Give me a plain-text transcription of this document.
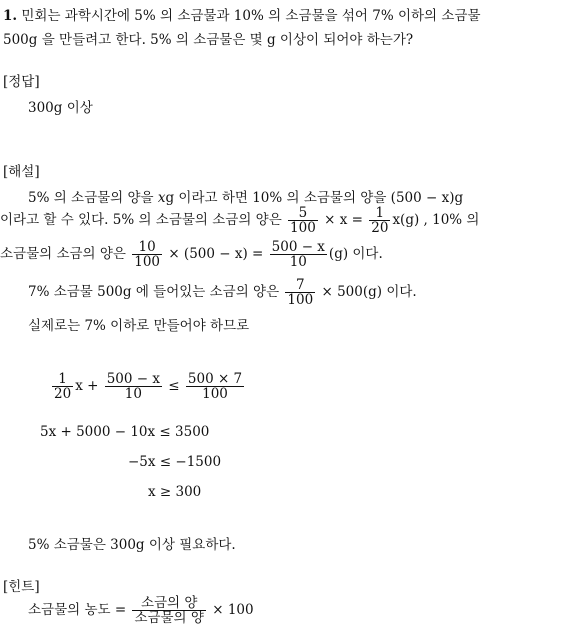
1. 민회는 과학시간에 5% 의 소금물과 10% 의 소금물을 섞어 7% 이하의 소금물
500g 을 만들려고 한다. 5% 의 소금물은 몇 g 이상이 되어야 하는가?
[정답]
300g 이상
[해설]
5% 의 소금물의 양을 xg 이라고 하면 10% 의 소금물의 양을 (500 − x)g
이라고 할 수 있다. 5% 의 소금물의 소금의 양은 $\frac{5}{100} \times x = \frac{1}{20} x(g)$ , 10% 의
소금물의 소금의 양은 $\frac{10}{100} \times (500 - x) = \frac{500 - x}{10} (g)$ 이다.
7% 소금물 500g 에 들어있는 소금의 양은 $\frac{7}{100} \times 500(g)$ 이다.
실제로는 7% 이하로 만들어야 하므로
$\frac{1}{20}$ $x + \frac{500 - x}{10} \le \frac{500 \times 7}{100}$
5x + 5000 − 10x ≤ 3500
−5x ≤ −1500
x ≥ 300
5% 소금물은 300g 이상 필요하다.
[힌트]
소금물의 농도 = $\frac{\text{소금의 양}}{\text{소금물의 양}} \times 100$
